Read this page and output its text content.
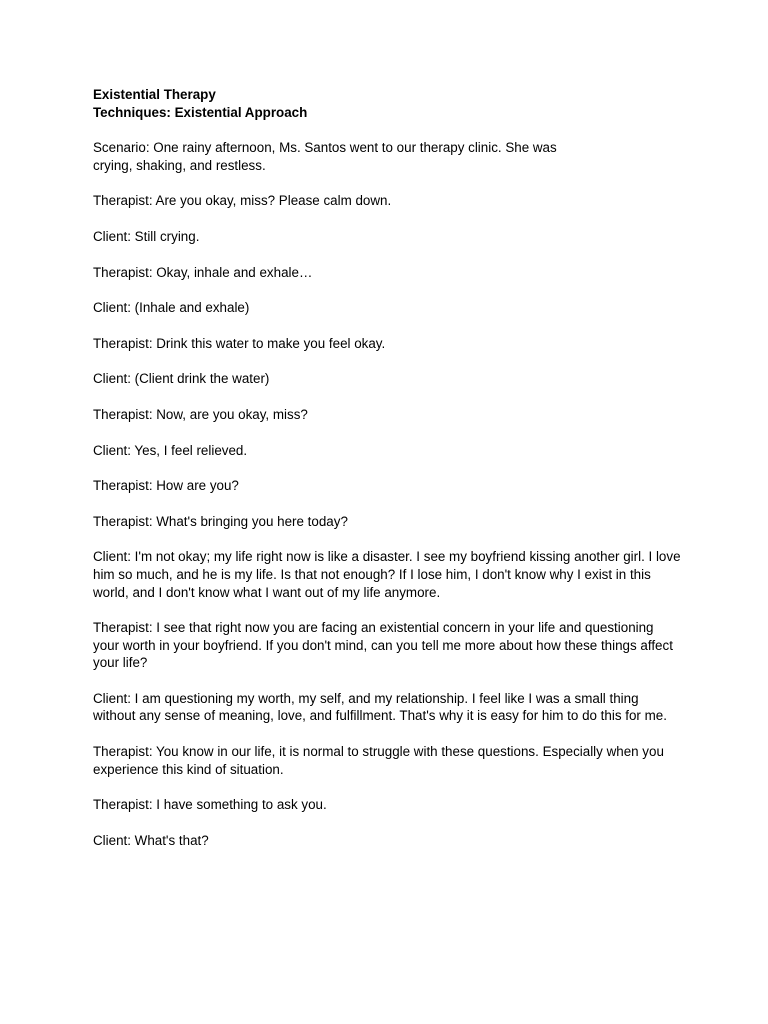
Existential Therapy
Techniques: Existential Approach

Scenario: One rainy afternoon, Ms. Santos went to our therapy clinic. She was
crying, shaking, and restless.

Therapist: Are you okay, miss? Please calm down.

Client: Still crying.

Therapist: Okay, inhale and exhale…

Client: (Inhale and exhale)

Therapist: Drink this water to make you feel okay.

Client: (Client drink the water)

Therapist: Now, are you okay, miss?

Client: Yes, I feel relieved.

Therapist: How are you?

Therapist: What's bringing you here today?

Client: I'm not okay; my life right now is like a disaster. I see my boyfriend kissing another girl. I love him so much, and he is my life. Is that not enough? If I lose him, I don't know why I exist in this world, and I don't know what I want out of my life anymore.

Therapist: I see that right now you are facing an existential concern in your life and questioning your worth in your boyfriend. If you don't mind, can you tell me more about how these things affect your life?

Client: I am questioning my worth, my self, and my relationship. I feel like I was a small thing without any sense of meaning, love, and fulfillment. That's why it is easy for him to do this for me.

Therapist: You know in our life, it is normal to struggle with these questions. Especially when you experience this kind of situation.

Therapist: I have something to ask you.

Client: What's that?
